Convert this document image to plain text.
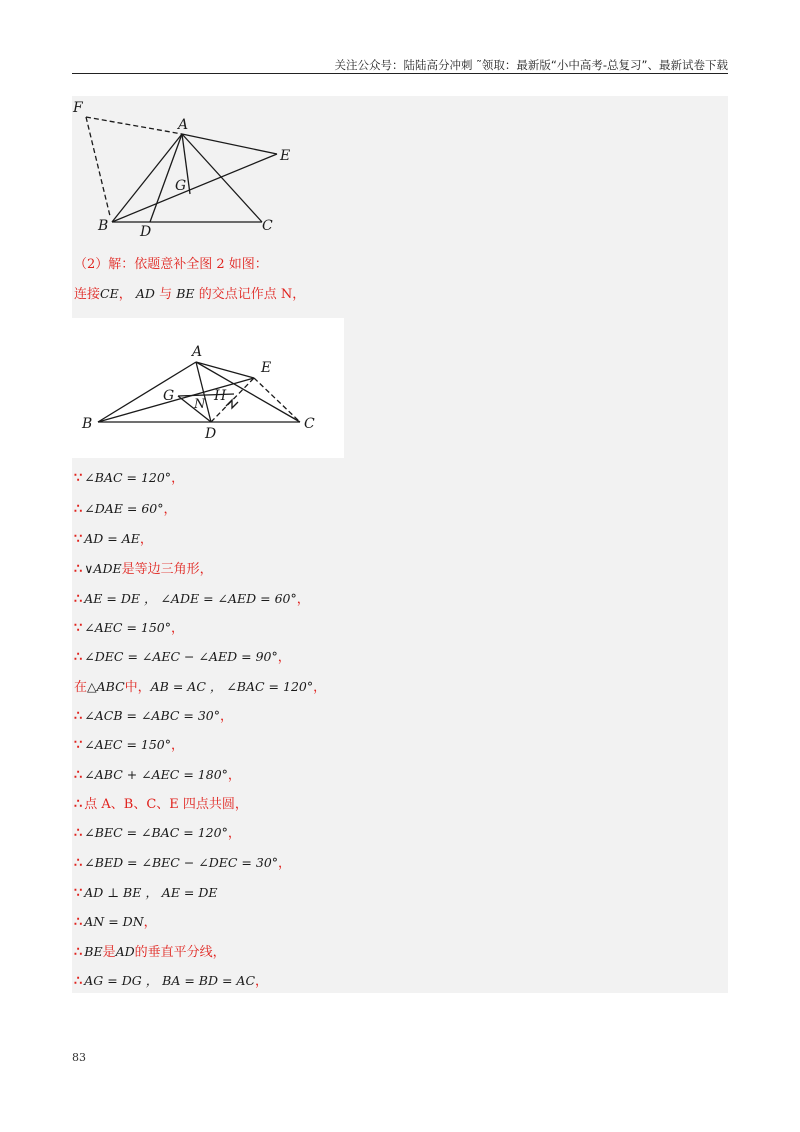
关注公众号：陆陆高分冲刺 ˜领取：最新版“小中高考-总复习”、最新试卷下载
F
A
E
G
B D	C
（2）解：依题意补全图 2 如图：
连接CE， AD 与 BE 的交点记作点 N，
A
E
G
N
H
B
D
C
∵ ∠BAC = 120°，
∴ ∠DAE = 60°，
∵ AD = AE，
∴ ∨ADE是等边三角形，
∴ AE = DE ， ∠ADE = ∠AED = 60°，
∵ ∠AEC = 150°，
∴ ∠DEC = ∠AEC − ∠AED = 90°，
在△ABC中，AB = AC ， ∠BAC = 120°，
∴ ∠ACB = ∠ABC = 30°，
∵ ∠AEC = 150°，
∴ ∠ABC + ∠AEC = 180°，
∴ 点 A、B、C、E 四点共圆，
∴ ∠BEC = ∠BAC = 120°，
∴ ∠BED = ∠BEC − ∠DEC = 30°，
∵ AD ⊥ BE ， AE = DE
∴ AN = DN，
∴ BE是AD的垂直平分线，
∴ AG = DG ， BA = BD = AC，
83
